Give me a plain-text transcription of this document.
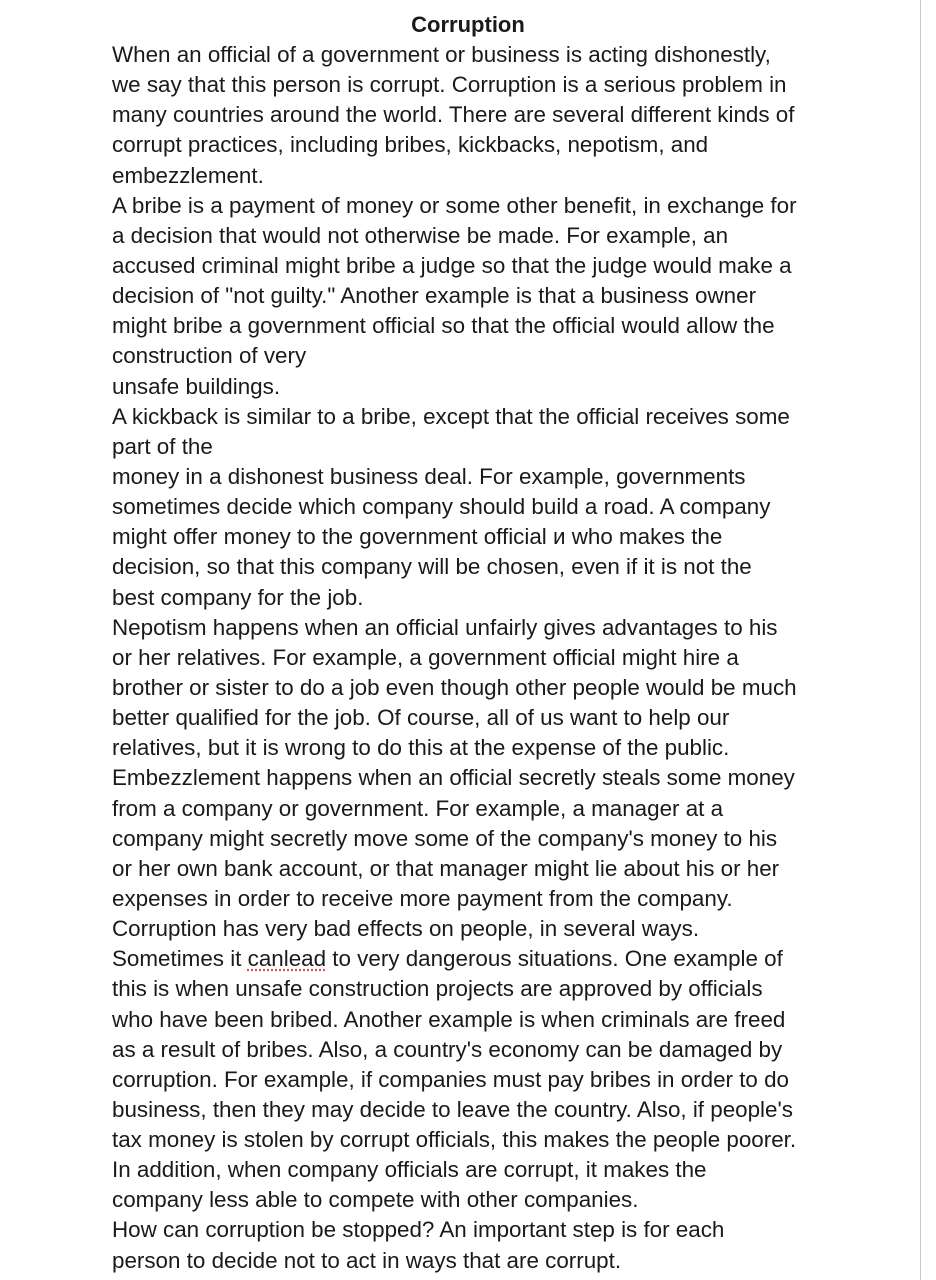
Corruption
When an official of a government or business is acting dishonestly,
we say that this person is corrupt. Corruption is a serious problem in
many countries around the world. There are several different kinds of
corrupt practices, including bribes, kickbacks, nepotism, and
embezzlement.
A bribe is a payment of money or some other benefit, in exchange for
a decision that would not otherwise be made. For example, an
accused criminal might bribe a judge so that the judge would make a
decision of "not guilty." Another example is that a business owner
might bribe a government official so that the official would allow the
construction of very
unsafe buildings.
A kickback is similar to a bribe, except that the official receives some
part of the
money in a dishonest business deal. For example, governments
sometimes decide which company should build a road. A company
might offer money to the government official и who makes the
decision, so that this company will be chosen, even if it is not the
best company for the job.
Nepotism happens when an official unfairly gives advantages to his
or her relatives. For example, a government official might hire a
brother or sister to do a job even though other people would be much
better qualified for the job. Of course, all of us want to help our
relatives, but it is wrong to do this at the expense of the public.
Embezzlement happens when an official secretly steals some money
from a company or government. For example, a manager at a
company might secretly move some of the company's money to his
or her own bank account, or that manager might lie about his or her
expenses in order to receive more payment from the company.
Corruption has very bad effects on people, in several ways.
Sometimes it canlead to very dangerous situations. One example of
this is when unsafe construction projects are approved by officials
who have been bribed. Another example is when criminals are freed
as a result of bribes. Also, a country's economy can be damaged by
corruption. For example, if companies must pay bribes in order to do
business, then they may decide to leave the country. Also, if people's
tax money is stolen by corrupt officials, this makes the people poorer.
In addition, when company officials are corrupt, it makes the
company less able to compete with other companies.
How can corruption be stopped? An important step is for each
person to decide not to act in ways that are corrupt.
